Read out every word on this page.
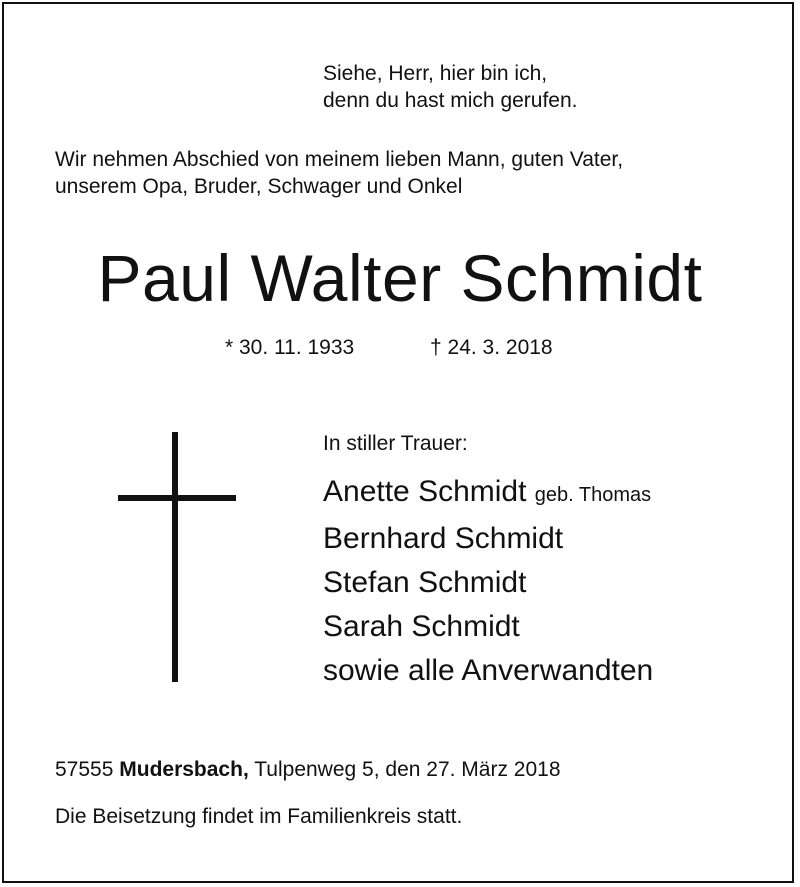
Siehe, Herr, hier bin ich,
denn du hast mich gerufen.
Wir nehmen Abschied von meinem lieben Mann, guten Vater,
unserem Opa, Bruder, Schwager und Onkel
Paul Walter Schmidt
* 30. 11. 1933	† 24. 3. 2018
In stiller Trauer:
Anette Schmidt geb. Thomas
Bernhard Schmidt
Stefan Schmidt
Sarah Schmidt
sowie alle Anverwandten
57555 Mudersbach, Tulpenweg 5, den 27. März 2018
Die Beisetzung findet im Familienkreis statt.
